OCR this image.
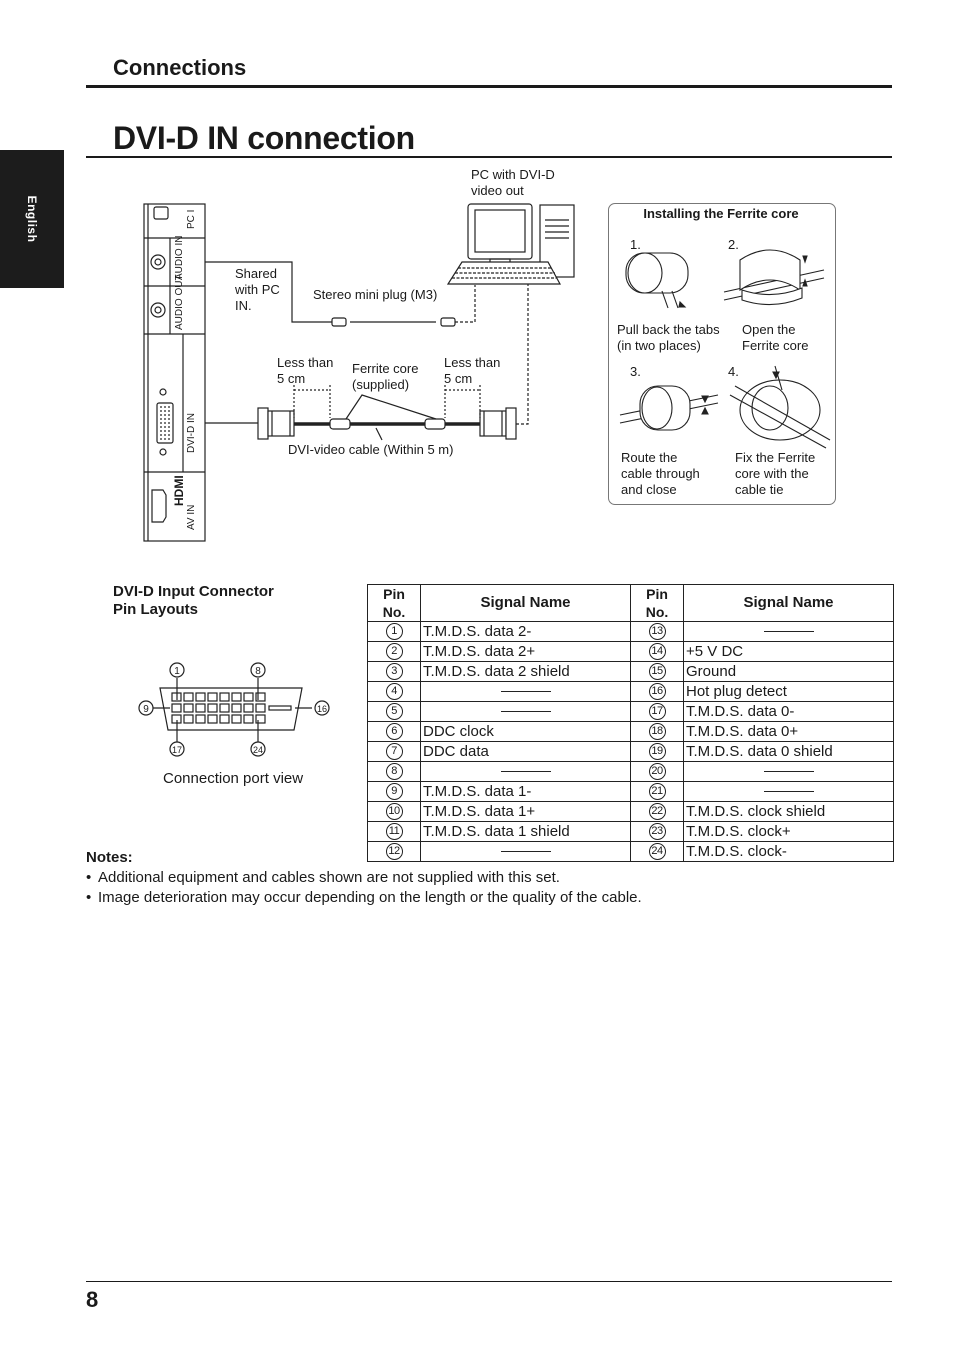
English
Connections
DVI-D IN connection
PC I
AUDIO IN
AUDIO OUT
DVI-D IN
HDMI
AV IN
Shared
with PC
IN.
Stereo mini plug (M3)
PC with DVI-D
video out
Less than
5 cm
Ferrite core
(supplied)
Less than
5 cm
DVI-video cable (Within 5 m)
Installing the Ferrite core
1.	2.
3.	4.
Pull back the tabs
(in two places)
Open the
Ferrite core
Route the
cable through
and close
Fix the Ferrite
core with the
cable tie
DVI-D Input Connector
Pin Layouts
1	8
9	16
17	24
Connection port view
Pin No.	Signal Name	Pin No.	Signal Name
1	T.M.D.S. data 2-	13	

2	T.M.D.S. data 2+	14	+5 V DC
3	T.M.D.S. data 2 shield	15	Ground
4		16	Hot plug detect
5		17	T.M.D.S. data 0-
6	DDC clock	18	T.M.D.S. data 0+
7	DDC data	19	T.M.D.S. data 0 shield
8		20	

9	T.M.D.S. data 1-	21	

10	T.M.D.S. data 1+	22	T.M.D.S. clock shield
11	T.M.D.S. data 1 shield	23	T.M.D.S. clock+
12		24	T.M.D.S. clock-
Notes:
• Additional equipment and cables shown are not supplied with this set.
• Image deterioration may occur depending on the length or the quality of the cable.
8
